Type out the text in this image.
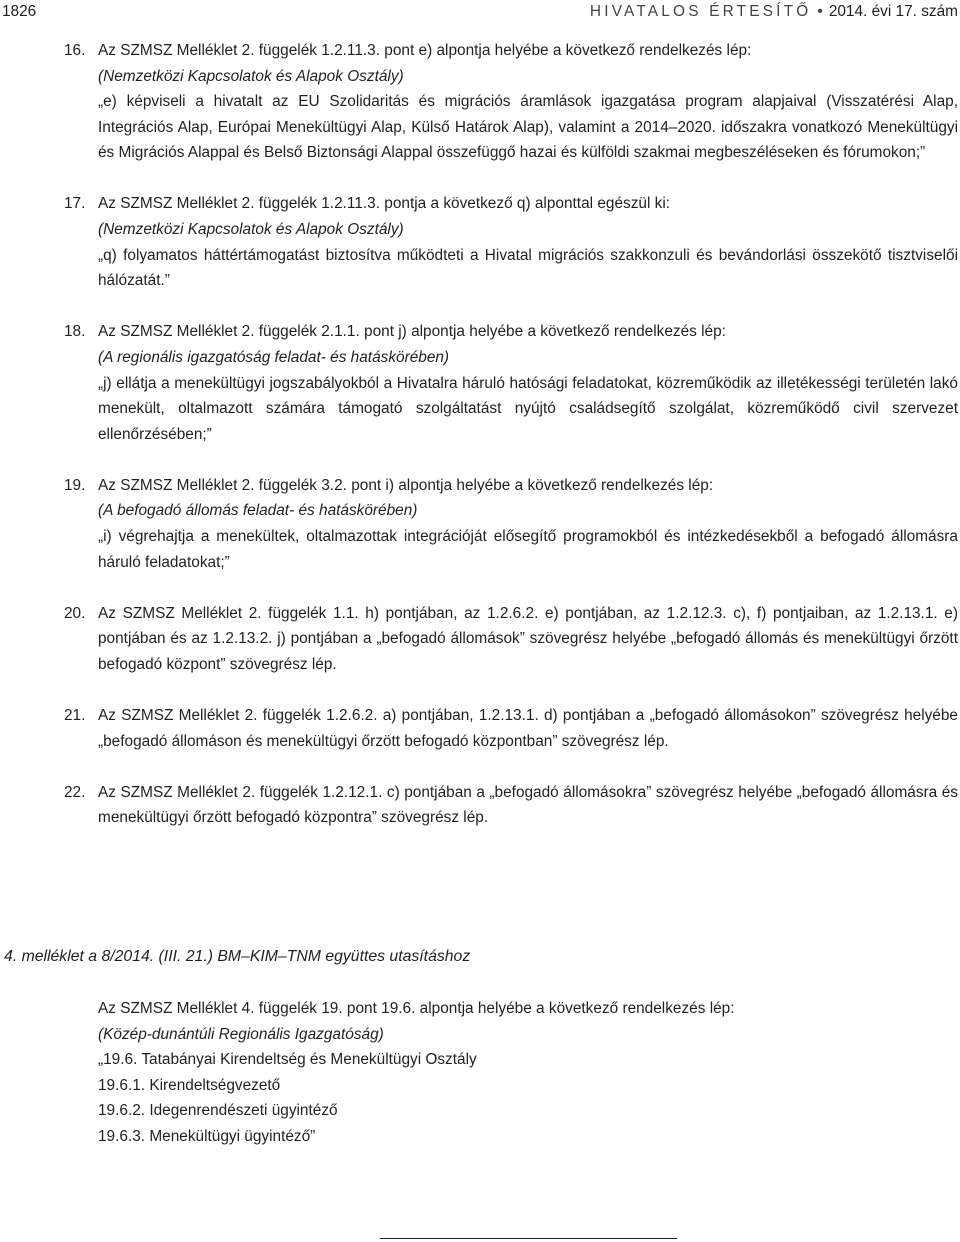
1826	HIVATALOS ÉRTESÍTŐ • 2014. évi 17. szám
16. Az SZMSZ Melléklet 2. függelék 1.2.11.3. pont e) alpontja helyébe a következő rendelkezés lép:

(Nemzetközi Kapcsolatok és Alapok Osztály)

„e) képviseli a hivatalt az EU Szolidaritás és migrációs áramlások igazgatása program alapjaival (Visszatérési Alap, Integrációs Alap, Európai Menekültügyi Alap, Külső Határok Alap), valamint a 2014–2020. időszakra vonatkozó Menekültügyi és Migrációs Alappal és Belső Biztonsági Alappal összefüggő hazai és külföldi szakmai megbeszéléseken és fórumokon;”

17. Az SZMSZ Melléklet 2. függelék 1.2.11.3. pontja a következő q) alponttal egészül ki:

(Nemzetközi Kapcsolatok és Alapok Osztály)

„q) folyamatos háttértámogatást biztosítva működteti a Hivatal migrációs szakkonzuli és bevándorlási összekötő tisztviselői hálózatát.”

18. Az SZMSZ Melléklet 2. függelék 2.1.1. pont j) alpontja helyébe a következő rendelkezés lép:

(A regionális igazgatóság feladat- és hatáskörében)

„j) ellátja a menekültügyi jogszabályokból a Hivatalra háruló hatósági feladatokat, közreműködik az illetékességi területén lakó menekült, oltalmazott számára támogató szolgáltatást nyújtó családsegítő szolgálat, közreműködő civil szervezet ellenőrzésében;”

19. Az SZMSZ Melléklet 2. függelék 3.2. pont i) alpontja helyébe a következő rendelkezés lép:

(A befogadó állomás feladat- és hatáskörében)

„i) végrehajtja a menekültek, oltalmazottak integrációját elősegítő programokból és intézkedésekből a befogadó állomásra háruló feladatokat;”

20. Az SZMSZ Melléklet 2. függelék 1.1. h) pontjában, az 1.2.6.2. e) pontjában, az 1.2.12.3. c), f) pontjaiban, az 1.2.13.1. e) pontjában és az 1.2.13.2. j) pontjában a „befogadó állomások” szövegrész helyébe „befogadó állomás és menekültügyi őrzött befogadó központ” szövegrész lép.

21. Az SZMSZ Melléklet 2. függelék 1.2.6.2. a) pontjában, 1.2.13.1. d) pontjában a „befogadó állomásokon” szövegrész helyébe „befogadó állomáson és menekültügyi őrzött befogadó központban” szövegrész lép.

22. Az SZMSZ Melléklet 2. függelék 1.2.12.1. c) pontjában a „befogadó állomásokra” szövegrész helyébe „befogadó állomásra és menekültügyi őrzött befogadó központra” szövegrész lép.

4. melléklet a 8/2014. (III. 21.) BM–KIM–TNM együttes utasításhoz

Az SZMSZ Melléklet 4. függelék 19. pont 19.6. alpontja helyébe a következő rendelkezés lép:

(Közép-dunántúli Regionális Igazgatóság)

„19.6. Tatabányai Kirendeltség és Menekültügyi Osztály

19.6.1. Kirendeltségvezető

19.6.2. Idegenrendészeti ügyintéző

19.6.3. Menekültügyi ügyintéző”
